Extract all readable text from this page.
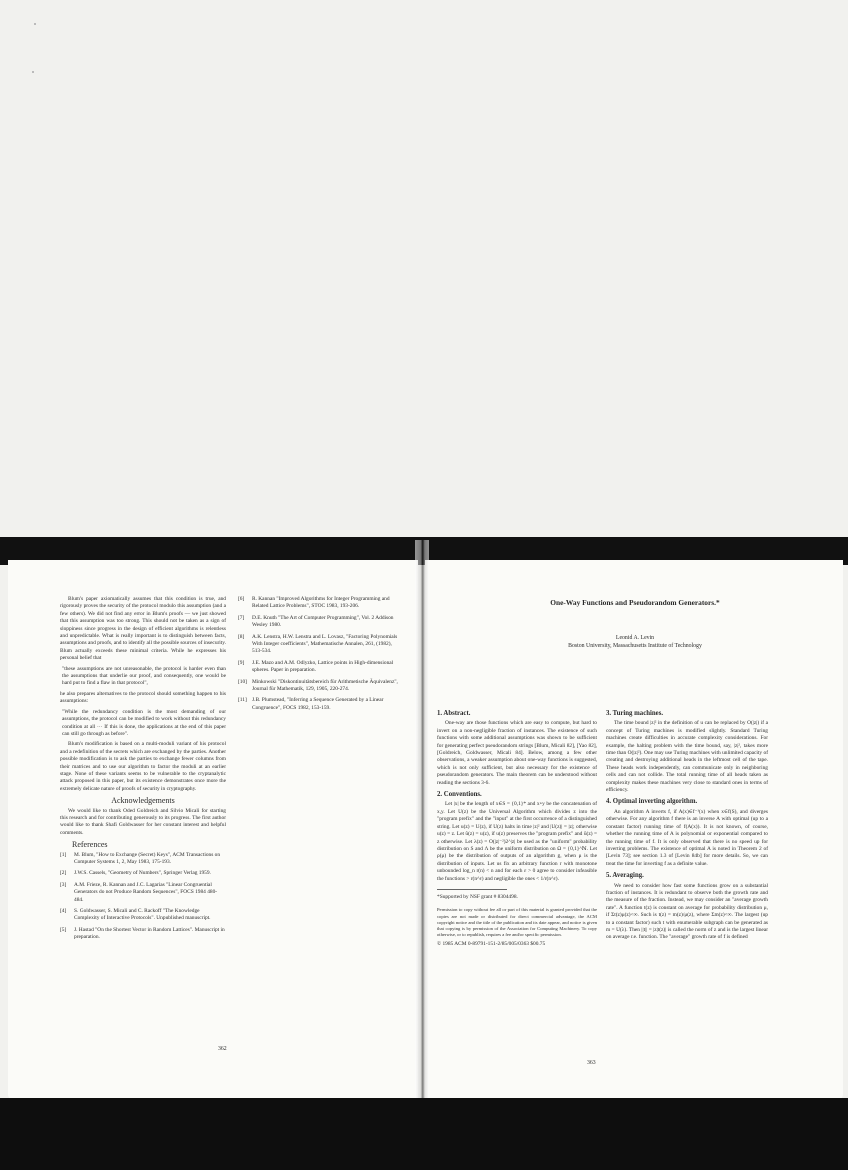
Blum's paper axiomatically assumes that this condition is true, and rigorously proves the security of the protocol modulo this assumption (and a few others). We did not find any error in Blum's proofs — we just showed that this assumption was too strong. This should not be taken as a sign of sloppiness since progress in the design of efficient algorithms is relentless and unpredictable. What is really important is to distinguish between facts, assumptions and proofs, and to identify all the possible sources of insecurity. Blum actually exceeds these minimal criteria. While he expresses his personal belief that

"these assumptions are not unreasonable, the protocol is harder even than the assumptions that underlie our proof, and consequently, one would be hard put to find a flaw in that protocol",

he also prepares alternatives to the protocol should something happen to his assumptions:

"While the redundancy condition is the most demanding of our assumptions, the protocol can be modified to work without this redundancy condition at all ··· If this is done, the applications at the end of this paper can still go through as before".

Blum's modification is based on a multi-moduli variant of his protocol and a redefinition of the secrets which are exchanged by the parties. Another possible modification is to ask the parties to exchange fewer columns from their matrices and to use our algorithm to factor the moduli at an earlier stage. None of these variants seems to be vulnerable to the cryptanalytic attack proposed in this paper, but its existence demonstrates once more the extremely delicate nature of proofs of security in cryptography.

Acknowledgements

We would like to thank Oded Goldreich and Silvio Micali for starting this research and for contributing generously to its progress. The first author would like to thank Shafi Goldwasser for her constant interest and helpful comments.

References
[1]	M. Blum, "How to Exchange (Secret) Keys", ACM Transactions on Computer Systems 1, 2, May 1983, 175-193.
[2]	J.W.S. Cassels, "Geometry of Numbers", Springer Verlag 1959.
[3]	A.M. Frieze, R. Kannan and J.C. Lagarias "Linear Congruential Generators do not Produce Random Sequences", FOCS 1984 480-484.
[4]	S. Goldwasser, S. Micali and C. Rackoff "The Knowledge Complexity of Interactive Protocols". Unpublished manuscript.
[5]	J. Hastad "On the Shortest Vector in Random Lattices". Manuscript in preparation.
[6]	R. Kannan "Improved Algorithms for Integer Programming and Related Lattice Problems", STOC 1983, 193-206.
[7]	D.E. Knuth "The Art of Computer Programming", Vol. 2 Addison Wesley 1980.
[8]	A.K. Lenstra, H.W. Lenstra and L. Lovasz, "Factoring Polynomials With Integer coefficients", Mathematische Annalen, 261, (1982), 513-534.
[9]	J.E. Mazo and A.M. Odlyzko, Lattice points in High-dimensional spheres. Paper in preparation.
[10] Minkowski "Diskontinuitätsbereich für Arithmetische Äquivalenz", Journal für Mathematik, 129, 1905, 220-274.
[11] J.B. Plumstead, "Inferring a Sequence Generated by a Linear Congruence", FOCS 1982, 153-159.
362
One-Way Functions and Pseudorandom Generators.*
Leonid A. Levin
Boston University, Massachusetts Institute of Technology
1. Abstract.

One-way are those functions which are easy to compute, but hard to invert on a non-negligible fraction of instances. The existence of such functions with some additional assumptions was shown to be sufficient for generating perfect pseudorandom strings [Blum, Micali 82], [Yao 82], [Goldreich, Goldwasser, Micali 84]. Below, among a few other observations, a weaker assumption about one-way functions is suggested, which is not only sufficient, but also necessary for the existence of pseudorandom generators. The main theorem can be understood without reading the sections 3-6.

2. Conventions.

Let |x| be the length of x∈S = {0,1}* and x∘y be the concatenation of x,y. Let U(z) be the Universal Algorithm which divides z into the "program prefix" and the "input" at the first occurrence of a distinguished string. Let u(z) = U(z), if U(z) halts in time |z|² and |U(z)| = |z|; otherwise u(z) = z. Let ũ(z) = u(z), if u(z) preserves the "program prefix" and ũ(z) = z otherwise. Let λ(z) = O(|z|⁻²)2^|z| be used as the "uniform" probability distribution on S and Λ be the uniform distribution on Ω = {0,1}^ℕ. Let ρ(μ) be the distribution of outputs of an algorithm g, when μ is the distribution of inputs. Let us fix an arbitrary function r with monotone unbounded log_n r(n) < n and for each ε > 0 agree to consider infeasible the functions > r(n^ε) and negligible the ones < 1/r(n^ε).

*Supported by NSF grant # 8304498.

Permission to copy without fee all or part of this material is granted provided that the copies are not made or distributed for direct commercial advantage, the ACM copyright notice and the title of the publication and its date appear, and notice is given that copying is by permission of the Association for Computing Machinery. To copy otherwise, or to republish, requires a fee and/or specific permission.

© 1985 ACM 0-89791-151-2/85/005/0363 $00.75

3. Turing machines.

The time bound |z|² in the definition of u can be replaced by O(|z|) if a concept of Turing machines is modified slightly. Standard Turing machines create difficulties in accurate complexity considerations. For example, the halting problem with the time bound, say, |z|², takes more time than O(|z|²). One may use Turing machines with unlimited capacity of creating and destroying additional heads in the leftmost cell of the tape. These heads work independently, can communicate only in neighboring cells and can not collide. The total running time of all heads taken as complexity makes these machines very close to standard ones in terms of efficiency.

4. Optimal inverting algorithm.

An algorithm A inverts f, if A(x)∈f⁻¹(x) when x∈f(S), and diverges otherwise. For any algorithm f there is an inverse A with optimal (up to a constant factor) running time of f(A(x)). It is not known, of course, whether the running time of A is polynomial or exponential compared to the running time of f. It is only observed that there is no speed up for inverting problems. The existence of optimal A is noted in Theorem 2 of [Levin 73]; see section 1.3 of [Levin 84b] for more details. So, we can treat the time for inverting f as a definite value.

5. Averaging.

We need to consider how fast some functions grow on a substantial fraction of instances. It is redundant to observe both the growth rate and the measure of the fraction. Instead, we may consider an "average growth rate". A function t(z) is constant on average for probability distribution μ, if Σt(z)μ(z)<∞. Such is t(z) = m(z)/μ(z), where Σm(z)<∞. The largest (up to a constant factor) such t with enumerable subgraph can be generated as m = U(λ). Then ||t|| = |z|t(z)| is called the norm of z and is the largest linear on average r.e. function. The "average" growth rate of f is defined

363
